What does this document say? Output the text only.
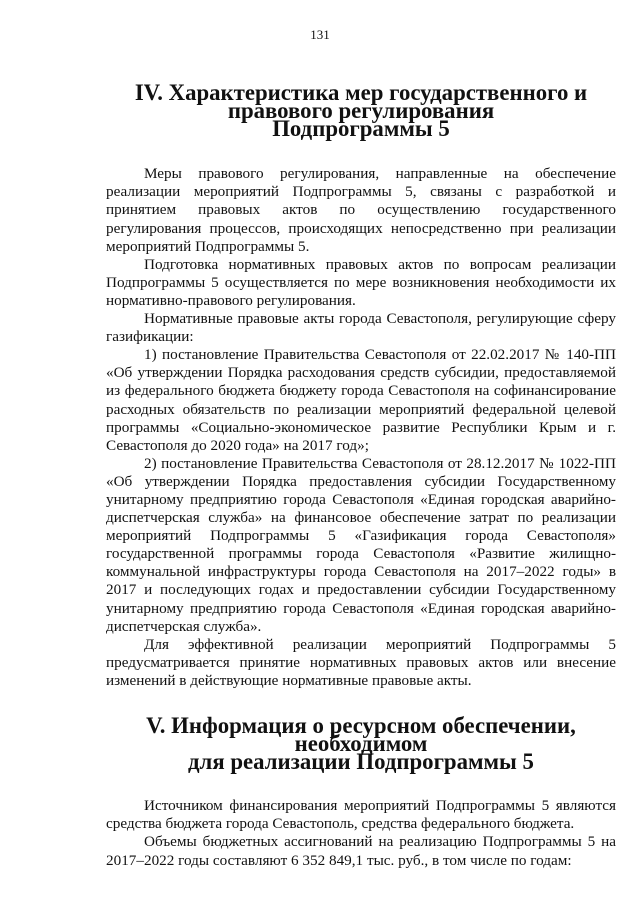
131
IV. Характеристика мер государственного и правового регулирования
Подпрограммы 5

Меры правового регулирования, направленные на обеспечение реализации мероприятий Подпрограммы 5, связаны с разработкой и принятием правовых актов по осуществлению государственного регулирования процессов, происходящих непосредственно при реализации мероприятий Подпрограммы 5.

Подготовка нормативных правовых актов по вопросам реализации Подпрограммы 5 осуществляется по мере возникновения необходимости их нормативно-правового регулирования.

Нормативные правовые акты города Севастополя, регулирующие сферу газификации:

1) постановление Правительства Севастополя от 22.02.2017 № 140-ПП «Об утверждении Порядка расходования средств субсидии, предоставляемой из федерального бюджета бюджету города Севастополя на софинансирование расходных обязательств по реализации мероприятий федеральной целевой программы «Социально-экономическое развитие Республики Крым и г. Севастополя до 2020 года» на 2017 год»;

2) постановление Правительства Севастополя от 28.12.2017 № 1022-ПП «Об утверждении Порядка предоставления субсидии Государственному унитарному предприятию города Севастополя «Единая городская аварийно-диспетчерская служба» на финансовое обеспечение затрат по реализации мероприятий Подпрограммы 5 «Газификация города Севастополя» государственной программы города Севастополя «Развитие жилищно-коммунальной инфраструктуры города Севастополя на 2017–2022 годы» в 2017 и последующих годах и предоставлении субсидии Государственному унитарному предприятию города Севастополя «Единая городская аварийно-диспетчерская служба».

Для эффективной реализации мероприятий Подпрограммы 5 предусматривается принятие нормативных правовых актов или внесение изменений в действующие нормативные правовые акты.

V. Информация о ресурсном обеспечении, необходимом
для реализации Подпрограммы 5

Источником финансирования мероприятий Подпрограммы 5 являются средства бюджета города Севастополь, средства федерального бюджета.

Объемы бюджетных ассигнований на реализацию Подпрограммы 5 на 2017–2022 годы составляют 6 352 849,1 тыс. руб., в том числе по годам:
